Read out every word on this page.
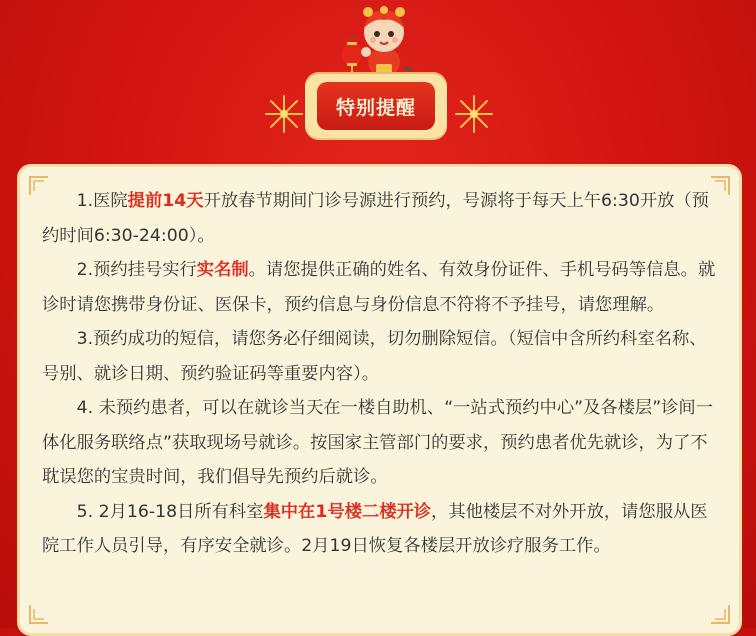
特别提醒

1.医院提前14天开放春节期间门诊号源进行预约，号源将于每天上午6:30开放（预约时间6:30-24:00）。

2.预约挂号实行实名制。请您提供正确的姓名、有效身份证件、手机号码等信息。就诊时请您携带身份证、医保卡，预约信息与身份信息不符将不予挂号，请您理解。

3.预约成功的短信，请您务必仔细阅读，切勿删除短信。（短信中含所约科室名称、号别、就诊日期、预约验证码等重要内容）。

4. 未预约患者，可以在就诊当天在一楼自助机、“一站式预约中心”及各楼层”诊间一体化服务联络点”获取现场号就诊。按国家主管部门的要求，预约患者优先就诊，为了不耽误您的宝贵时间，我们倡导先预约后就诊。

5. 2月16-18日所有科室集中在1号楼二楼开诊，其他楼层不对外开放，请您服从医院工作人员引导，有序安全就诊。2月19日恢复各楼层开放诊疗服务工作。
